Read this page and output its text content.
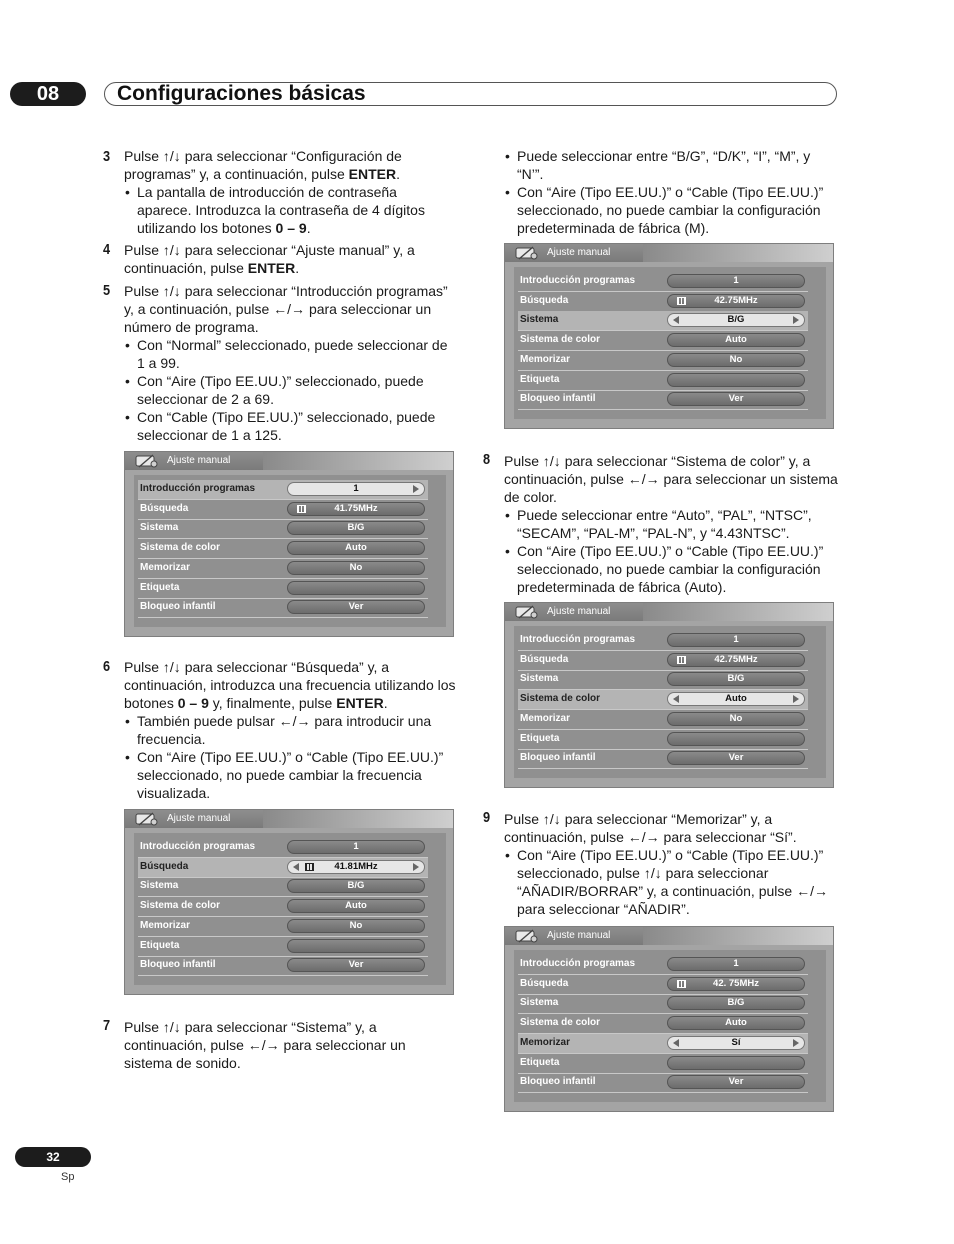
08	Configuraciones básicas
3 Pulse ↑/↓ para seleccionar “Configuración de programas” y, a continuación, pulse ENTER.

• La pantalla de introducción de contraseña aparece. Introduzca la contraseña de 4 dígitos utilizando los botones 0 – 9.
4 Pulse ↑/↓ para seleccionar “Ajuste manual” y, a continuación, pulse ENTER.

5 Pulse ↑/↓ para seleccionar “Introducción programas” y, a continuación, pulse ←/→ para seleccionar un número de programa.

• Con “Normal” seleccionado, puede seleccionar de 1 a 99.
• Con “Aire (Tipo EE.UU.)” seleccionado, puede seleccionar de 2 a 69.
• Con “Cable (Tipo EE.UU.)” seleccionado, puede seleccionar de 1 a 125.
6 Pulse ↑/↓ para seleccionar “Búsqueda” y, a continuación, introduzca una frecuencia utilizando los botones 0 – 9 y, finalmente, pulse ENTER.

• También puede pulsar ←/→ para introducir una frecuencia.
• Con “Aire (Tipo EE.UU.)” o “Cable (Tipo EE.UU.)” seleccionado, no puede cambiar la frecuencia visualizada.
7 Pulse ↑/↓ para seleccionar “Sistema” y, a continuación, pulse ←/→ para seleccionar un sistema de sonido.

• Puede seleccionar entre “B/G”, “D/K”, “I”, “M”, y “N’”.
• Con “Aire (Tipo EE.UU.)” o “Cable (Tipo EE.UU.)” seleccionado, no puede cambiar la configuración predeterminada de fábrica (M).
8 Pulse ↑/↓ para seleccionar “Sistema de color” y, a continuación, pulse ←/→ para seleccionar un sistema de color.

• Puede seleccionar entre “Auto”, “PAL”, “NTSC”, “SECAM”, “PAL-M”, “PAL-N”, y “4.43NTSC”.
• Con “Aire (Tipo EE.UU.)” o “Cable (Tipo EE.UU.)” seleccionado, no puede cambiar la configuración predeterminada de fábrica (Auto).
9 Pulse ↑/↓ para seleccionar “Memorizar” y, a continuación, pulse ←/→ para seleccionar “Sí”.

• Con “Aire (Tipo EE.UU.)” o “Cable (Tipo EE.UU.)” seleccionado, pulse ↑/↓ para seleccionar “AÑADIR/BORRAR” y, a continuación, pulse ←/→ para seleccionar “AÑADIR”.
Ajuste manual
Introducción programas	1
Búsqueda	41.75MHz
Sistema	B/G
Sistema de color	Auto
Memorizar	No
Etiqueta
Bloqueo infantil	Ver
Ajuste manual
Introducción programas	1
Búsqueda	41.81MHz
Sistema	B/G
Sistema de color	Auto
Memorizar	No
Etiqueta
Bloqueo infantil	Ver
Ajuste manual
Introducción programas	1
Búsqueda	42.75MHz
Sistema	B/G
Sistema de color	Auto
Memorizar	No
Etiqueta
Bloqueo infantil	Ver
Ajuste manual
Introducción programas	1
Búsqueda	42.75MHz
Sistema	B/G
Sistema de color	Auto
Memorizar	No
Etiqueta
Bloqueo infantil	Ver
Ajuste manual
Introducción programas	1
Búsqueda	42. 75MHz
Sistema	B/G
Sistema de color	Auto
Memorizar	Sí
Etiqueta
Bloqueo infantil	Ver
32
Sp
